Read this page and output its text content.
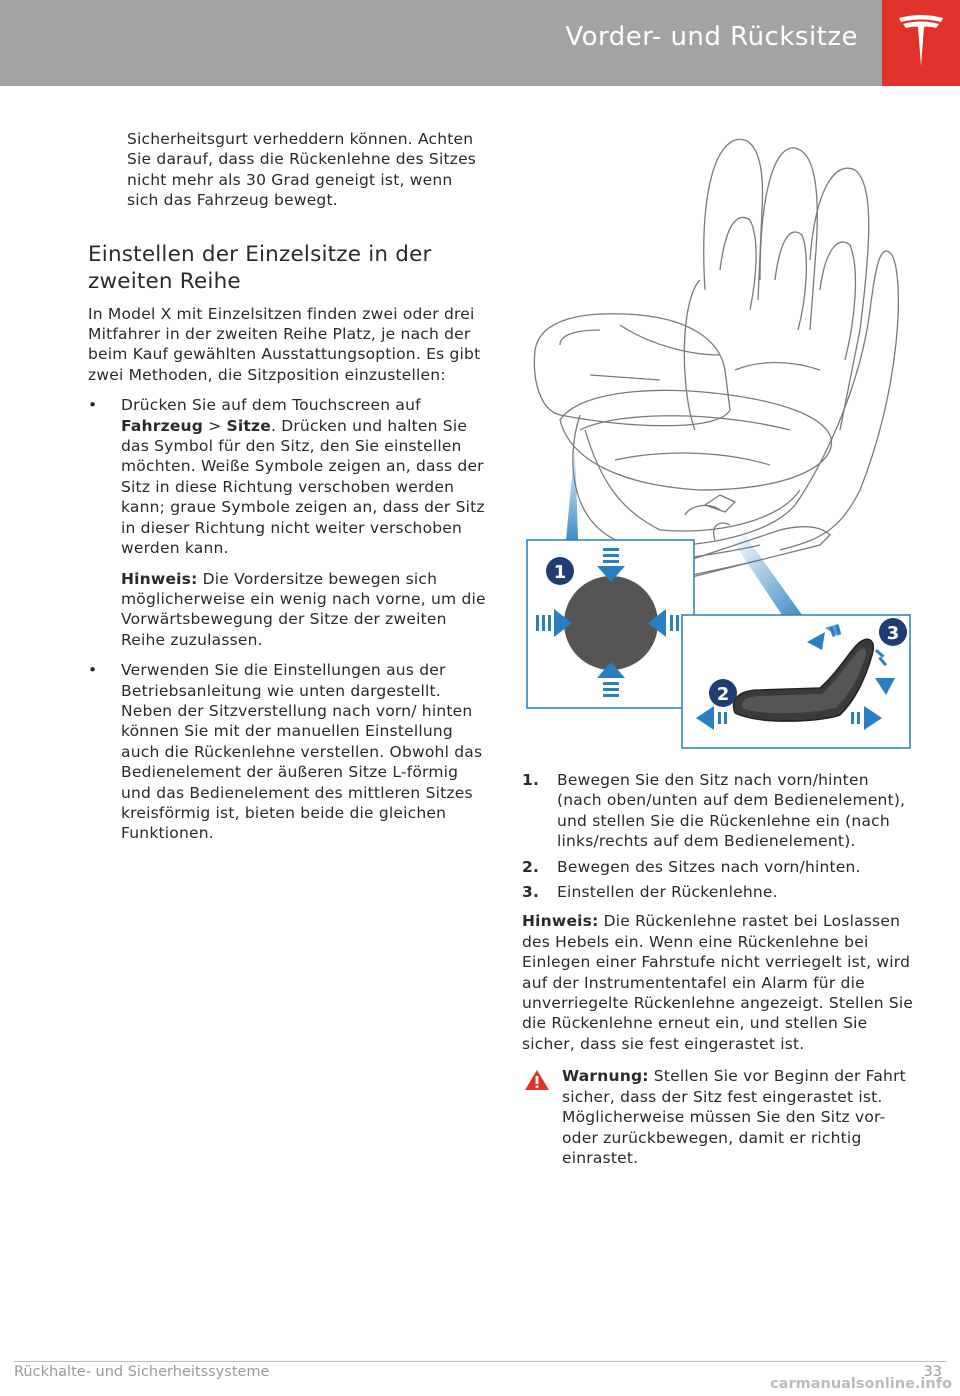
Vorder- und Rücksitze
Sicherheitsgurt verheddern können. Achten Sie darauf, dass die Rückenlehne des Sitzes nicht mehr als 30 Grad geneigt ist, wenn sich das Fahrzeug bewegt.
Einstellen der Einzelsitze in der zweiten Reihe
In Model X mit Einzelsitzen finden zwei oder drei Mitfahrer in der zweiten Reihe Platz, je nach der beim Kauf gewählten Ausstattungsoption. Es gibt zwei Methoden, die Sitzposition einzustellen:
• Drücken Sie auf dem Touchscreen auf Fahrzeug > Sitze. Drücken und halten Sie das Symbol für den Sitz, den Sie einstellen möchten. Weiße Symbole zeigen an, dass der Sitz in diese Richtung verschoben werden kann; graue Symbole zeigen an, dass der Sitz in dieser Richtung nicht weiter verschoben werden kann.
Hinweis: Die Vordersitze bewegen sich möglicherweise ein wenig nach vorne, um die Vorwärtsbewegung der Sitze der zweiten Reihe zuzulassen.
• Verwenden Sie die Einstellungen aus der Betriebsanleitung wie unten dargestellt. Neben der Sitzverstellung nach vorn/ hinten können Sie mit der manuellen Einstellung auch die Rückenlehne verstellen. Obwohl das Bedienelement der äußeren Sitze L-förmig und das Bedienelement des mittleren Sitzes kreisförmig ist, bieten beide die gleichen Funktionen.
1
3
2
1. Bewegen Sie den Sitz nach vorn/hinten (nach oben/unten auf dem Bedienelement), und stellen Sie die Rückenlehne ein (nach links/rechts auf dem Bedienelement).
2. Bewegen des Sitzes nach vorn/hinten.
3. Einstellen der Rückenlehne.
Hinweis: Die Rückenlehne rastet bei Loslassen des Hebels ein. Wenn eine Rückenlehne bei Einlegen einer Fahrstufe nicht verriegelt ist, wird auf der Instrumententafel ein Alarm für die unverriegelte Rückenlehne angezeigt. Stellen Sie die Rückenlehne erneut ein, und stellen Sie sicher, dass sie fest eingerastet ist.
Warnung: Stellen Sie vor Beginn der Fahrt sicher, dass der Sitz fest eingerastet ist. Möglicherweise müssen Sie den Sitz vor- oder zurückbewegen, damit er richtig einrastet.
Rückhalte- und Sicherheitssysteme	33
carmanualsonline.info
